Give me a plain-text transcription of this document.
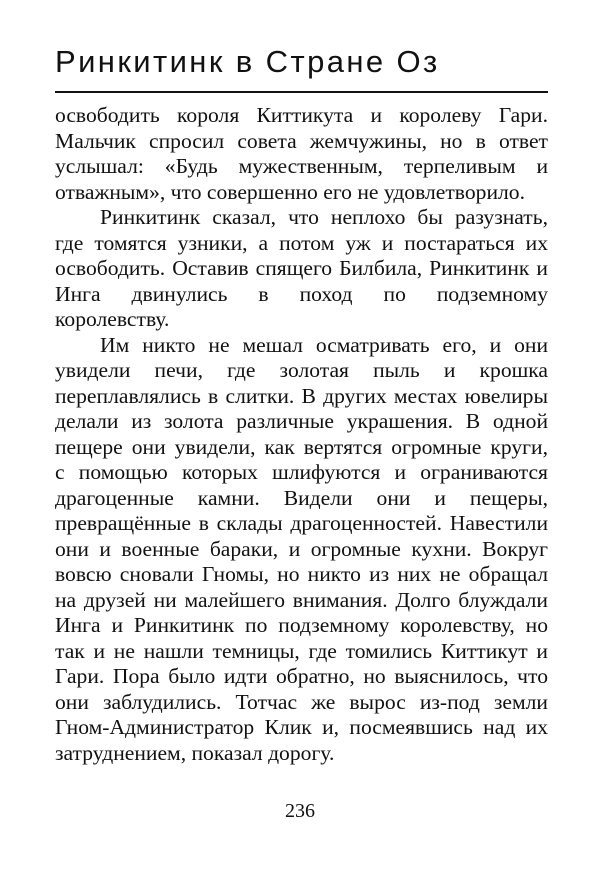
Ринкитинк в Стране Оз
освободить короля Киттикута и королеву Гари.
Мальчик спросил совета жемчужины, но в ответ
услышал: «Будь мужественным, терпеливым и
отважным», что совершенно его не удовлетворило.
Ринкитинк сказал, что неплохо бы разузнать,
где томятся узники, а потом уж и постараться их
освободить. Оставив спящего Билбила, Ринкитинк и
Инга двинулись в поход по подземному
королевству.
Им никто не мешал осматривать его, и они
увидели печи, где золотая пыль и крошка
переплавлялись в слитки. В других местах ювелиры
делали из золота различные украшения. В одной
пещере они увидели, как вертятся огромные круги,
с помощью которых шлифуются и ограниваются
драгоценные камни. Видели они и пещеры,
превращённые в склады драгоценностей. Навестили
они и военные бараки, и огромные кухни. Вокруг
вовсю сновали Гномы, но никто из них не обращал
на друзей ни малейшего внимания. Долго блуждали
Инга и Ринкитинк по подземному королевству, но
так и не нашли темницы, где томились Киттикут и
Гари. Пора было идти обратно, но выяснилось, что
они заблудились. Тотчас же вырос из-под земли
Гном-Администратор Клик и, посмеявшись над их
затруднением, показал дорогу.
236
